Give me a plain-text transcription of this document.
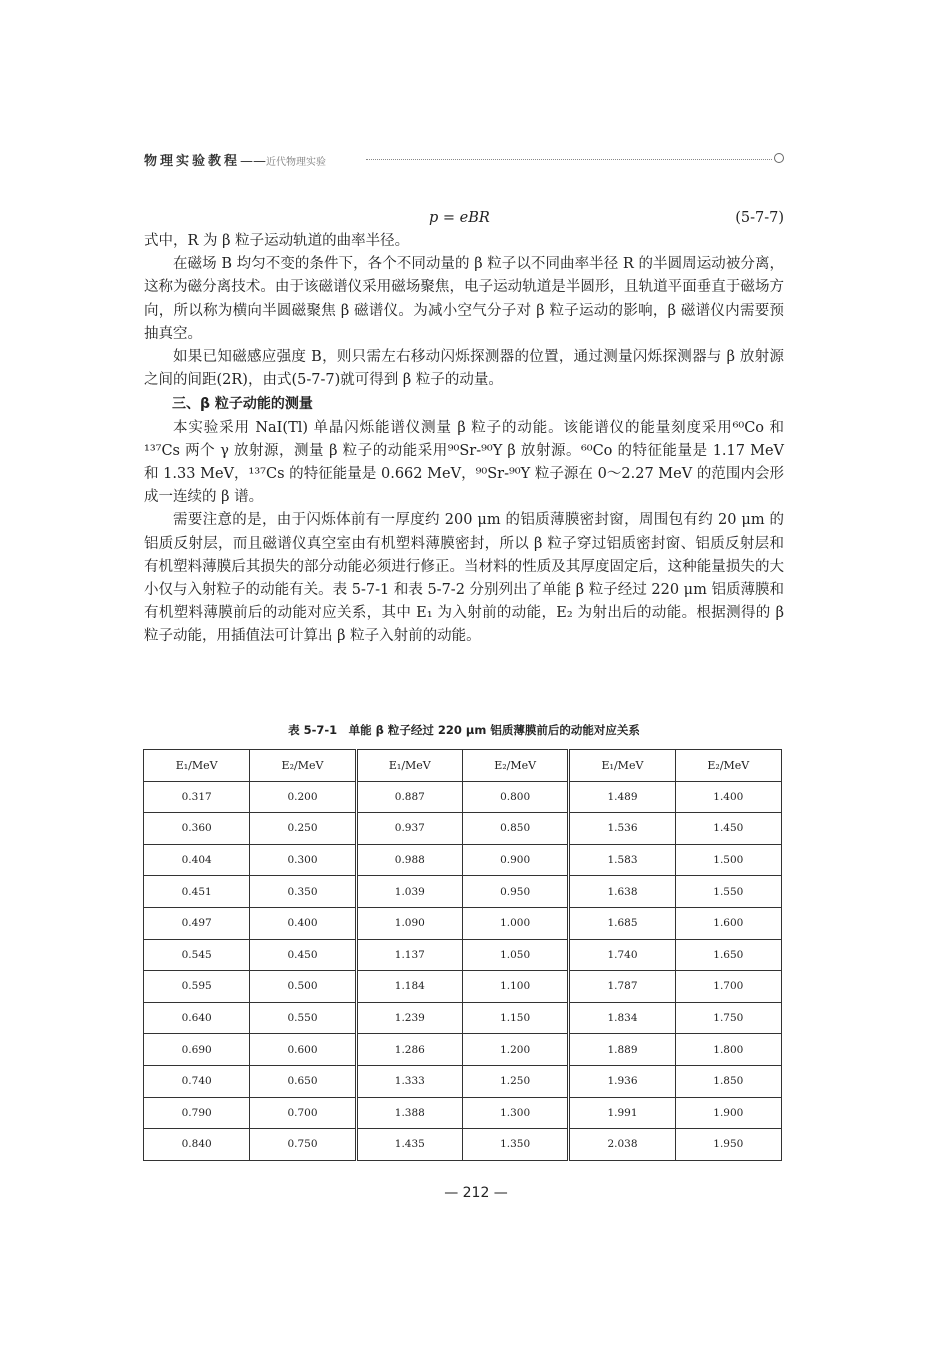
物理实验教程——近代物理实验
p = eBR	(5-7-7)

式中，R 为 β 粒子运动轨道的曲率半径。

在磁场 B 均匀不变的条件下，各个不同动量的 β 粒子以不同曲率半径 R 的半圆周运动被分离，这称为磁分离技术。由于该磁谱仪采用磁场聚焦，电子运动轨道是半圆形，且轨道平面垂直于磁场方向，所以称为横向半圆磁聚焦 β 磁谱仪。为减小空气分子对 β 粒子运动的影响，β 磁谱仪内需要预抽真空。

如果已知磁感应强度 B，则只需左右移动闪烁探测器的位置，通过测量闪烁探测器与 β 放射源之间的间距(2R)，由式(5-7-7)就可得到 β 粒子的动量。

三、β 粒子动能的测量

本实验采用 NaI(Tl) 单晶闪烁能谱仪测量 β 粒子的动能。该能谱仪的能量刻度采用⁶⁰Co 和¹³⁷Cs 两个 γ 放射源，测量 β 粒子的动能采用⁹⁰Sr-⁹⁰Y β 放射源。⁶⁰Co 的特征能量是 1.17 MeV 和 1.33 MeV，¹³⁷Cs 的特征能量是 0.662 MeV，⁹⁰Sr-⁹⁰Y 粒子源在 0～2.27 MeV 的范围内会形成一连续的 β 谱。

需要注意的是，由于闪烁体前有一厚度约 200 μm 的铝质薄膜密封窗，周围包有约 20 μm 的铝质反射层，而且磁谱仪真空室由有机塑料薄膜密封，所以 β 粒子穿过铝质密封窗、铝质反射层和有机塑料薄膜后其损失的部分动能必须进行修正。当材料的性质及其厚度固定后，这种能量损失的大小仅与入射粒子的动能有关。表 5-7-1 和表 5-7-2 分别列出了单能 β 粒子经过 220 μm 铝质薄膜和有机塑料薄膜前后的动能对应关系，其中 E₁ 为入射前的动能，E₂ 为射出后的动能。根据测得的 β 粒子动能，用插值法可计算出 β 粒子入射前的动能。

表 5-7-1　单能 β 粒子经过 220 μm 铝质薄膜前后的动能对应关系
E₁/MeV	E₂/MeV	E₁/MeV	E₂/MeV	E₁/MeV	E₂/MeV
0.317	0.200	0.887	0.800	1.489	1.400
0.360	0.250	0.937	0.850	1.536	1.450
0.404	0.300	0.988	0.900	1.583	1.500
0.451	0.350	1.039	0.950	1.638	1.550
0.497	0.400	1.090	1.000	1.685	1.600
0.545	0.450	1.137	1.050	1.740	1.650
0.595	0.500	1.184	1.100	1.787	1.700
0.640	0.550	1.239	1.150	1.834	1.750
0.690	0.600	1.286	1.200	1.889	1.800
0.740	0.650	1.333	1.250	1.936	1.850
0.790	0.700	1.388	1.300	1.991	1.900
0.840	0.750	1.435	1.350	2.038	1.950
— 212 —
